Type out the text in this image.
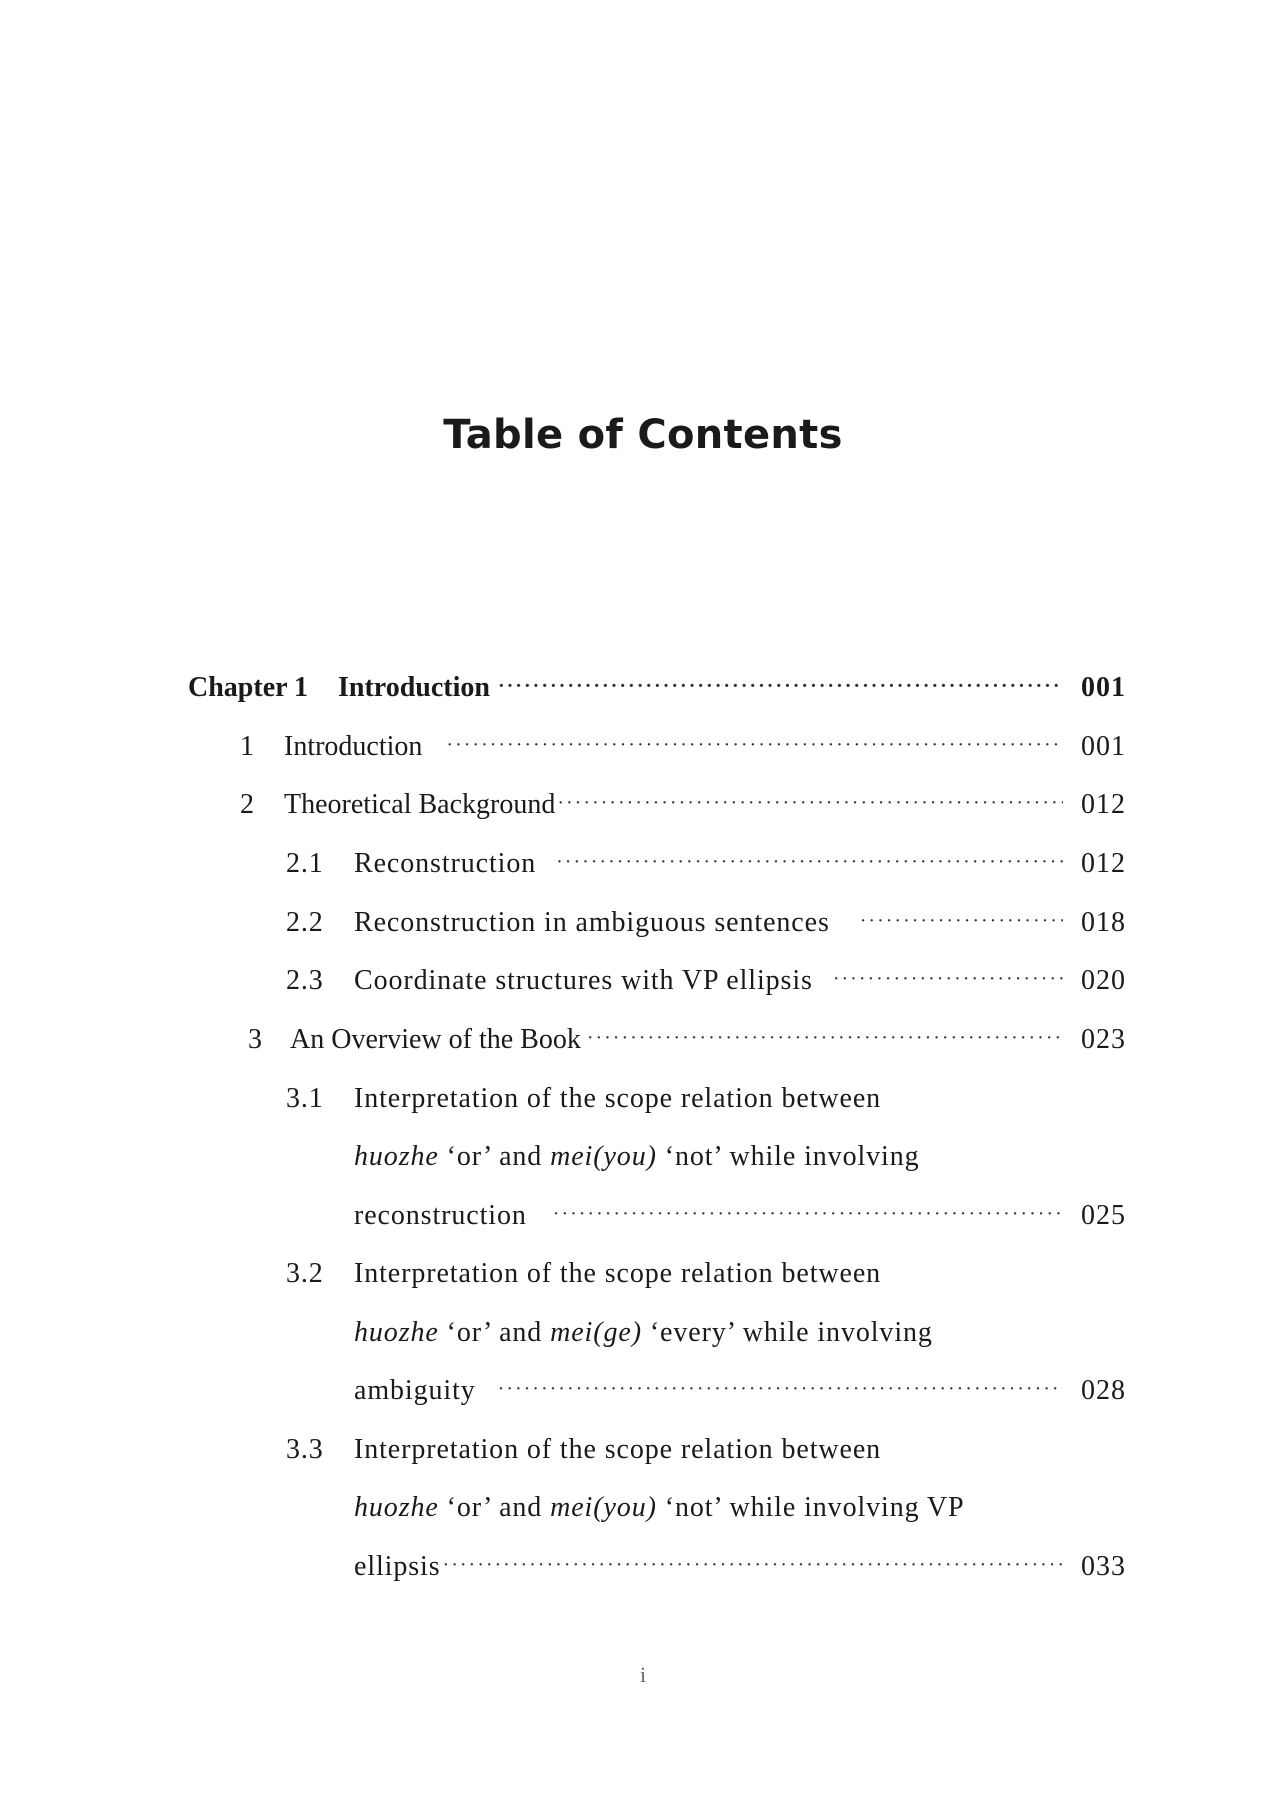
Table of Contents
Chapter 1	Introduction ·····	001
1	Introduction ·····	001
2	Theoretical Background ·····	012
2.1	Reconstruction ·····	012
2.2	Reconstruction in ambiguous sentences ·····	018
2.3	Coordinate structures with VP ellipsis ·····	020
3	An Overview of the Book ·····	023
3.1	Interpretation of the scope relation between
huozhe ‘or’ and mei(you) ‘not’ while involving
reconstruction ·····	025
3.2	Interpretation of the scope relation between
huozhe ‘or’ and mei(ge) ‘every’ while involving
ambiguity ·····	028
3.3	Interpretation of the scope relation between
huozhe ‘or’ and mei(you) ‘not’ while involving VP
ellipsis ·····	033
i
